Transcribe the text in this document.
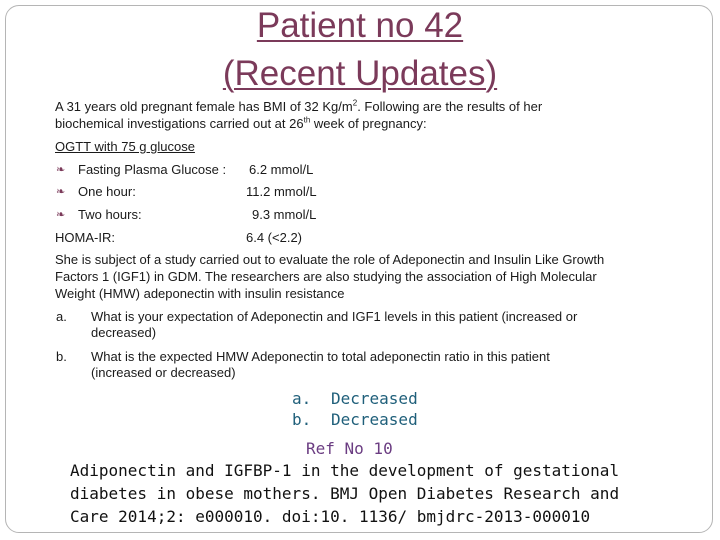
Patient no 42
(Recent Updates)
A 31 years old pregnant female has BMI of 32 $Kg/m^2$. Following are the results of her
biochemical investigations carried out at 26th week of pregnancy:
OGTT with 75 g glucose
❧ Fasting Plasma Glucose : 6.2 mmol/L
❧ One hour:	11.2 mmol/L
❧ Two hours:	9.3 mmol/L
HOMA-IR:	6.4 (<2.2)
She is subject of a study carried out to evaluate the role of Adeponectin and Insulin Like Growth
Factors 1 (IGF1) in GDM. The researchers are also studying the association of High Molecular
Weight (HMW) adeponectin with insulin resistance
a. What is your expectation of Adeponectin and IGF1 levels in this patient (increased or
decreased)
b. What is the expected HMW Adeponectin to total adeponectin ratio in this patient
(increased or decreased)
a. Decreased
b. Decreased
Ref No 10
Adiponectin and IGFBP-1 in the development of gestational
diabetes in obese mothers. BMJ Open Diabetes Research and
Care 2014;2: e000010. doi:10. 1136/ bmjdrc-2013-000010
